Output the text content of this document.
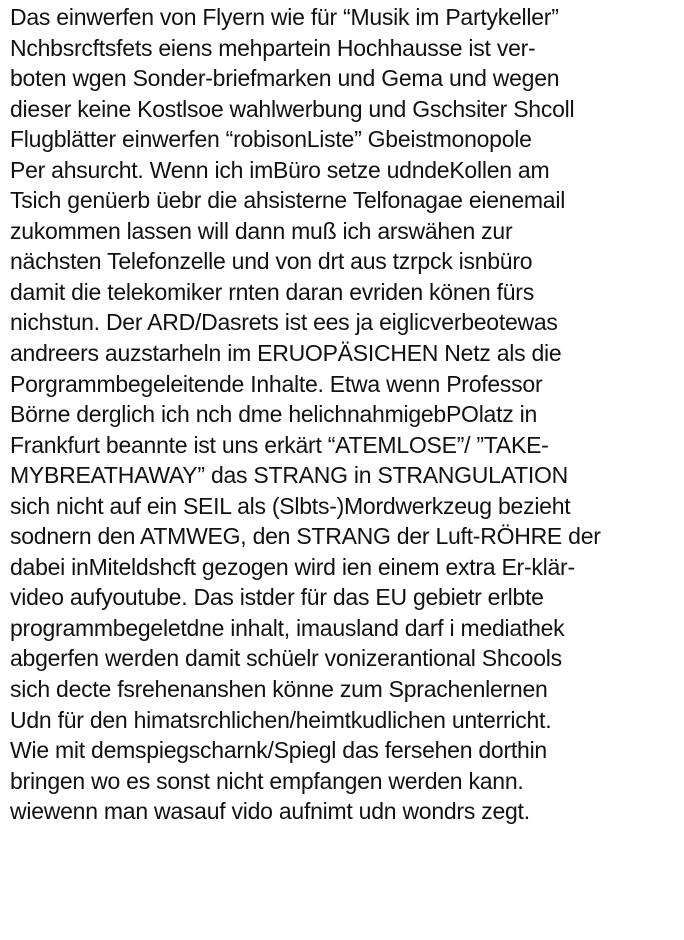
Das einwerfen von Flyern wie für “Musik im Partykeller”
Nchbsrcftsfets eiens mehpartein Hochhausse ist ver-
boten wgen Sonder-briefmarken und Gema und wegen
dieser keine Kostlsoe wahlwerbung und Gschsiter Shcoll
Flugblätter einwerfen “robisonListe” Gbeistmonopole
Per ahsurcht. Wenn ich imBüro setze udndeKollen am
Tsich genüerb üebr die ahsisterne Telfonagae eienemail
zukommen lassen will dann muß ich arswähen zur
nächsten Telefonzelle und von drt aus tzrpck isnbüro
damit die telekomiker rnten daran evriden könen fürs
nichstun. Der ARD/Dasrets ist ees ja eiglicverbeotewas
andreers auzstarheln im ERUOPÄSICHEN Netz als die
Porgrammbegeleitende Inhalte. Etwa wenn Professor
Börne derglich ich nch dme helichnahmigebPOlatz in
Frankfurt beannte ist uns erkärt “ATEMLOSE”/ ”TAKE-
MYBREATHAWAY” das STRANG in STRANGULATION
sich nicht auf ein SEIL als (Slbts-)Mordwerkzeug bezieht
sodnern den ATMWEG, den STRANG der Luft-RÖHRE der
dabei inMiteldshcft gezogen wird ien einem extra Er-klär-
video aufyoutube. Das istder für das EU gebietr erlbte
programmbegeletdne inhalt, imausland darf i mediathek
abgerfen werden damit schüelr vonizerantional Shcools
sich decte fsrehenanshen könne zum Sprachenlernen
Udn für den himatsrchlichen/heimtkudlichen unterricht.
Wie mit demspiegscharnk/Spiegl das fersehen dorthin
bringen wo es sonst nicht empfangen werden kann.
wiewenn man wasauf vido aufnimt udn wondrs zegt.
